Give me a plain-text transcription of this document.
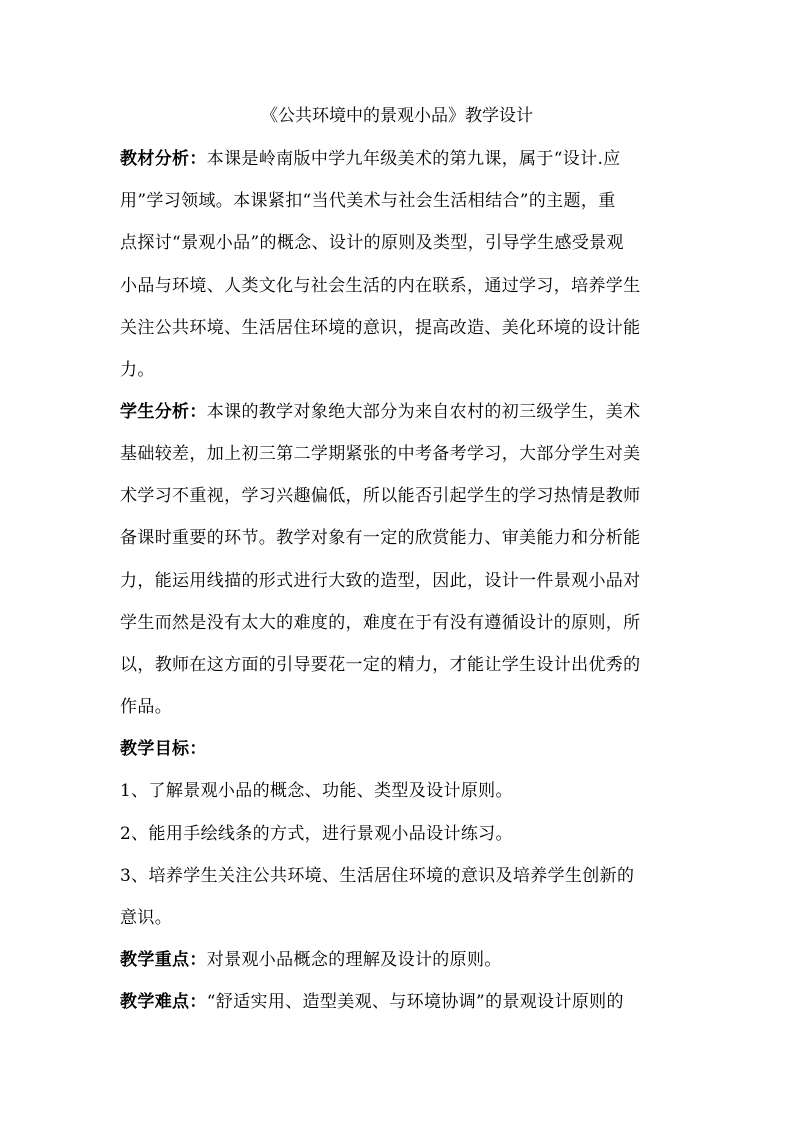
《公共环境中的景观小品》教学设计
教材分析：本课是岭南版中学九年级美术的第九课，属于“设计.应
用”学习领域。本课紧扣“当代美术与社会生活相结合”的主题，重
点探讨“景观小品”的概念、设计的原则及类型，引导学生感受景观
小品与环境、人类文化与社会生活的内在联系，通过学习，培养学生
关注公共环境、生活居住环境的意识，提高改造、美化环境的设计能
力。
学生分析：本课的教学对象绝大部分为来自农村的初三级学生，美术
基础较差，加上初三第二学期紧张的中考备考学习，大部分学生对美
术学习不重视，学习兴趣偏低，所以能否引起学生的学习热情是教师
备课时重要的环节。教学对象有一定的欣赏能力、审美能力和分析能
力，能运用线描的形式进行大致的造型，因此，设计一件景观小品对
学生而然是没有太大的难度的，难度在于有没有遵循设计的原则，所
以，教师在这方面的引导要花一定的精力，才能让学生设计出优秀的
作品。
教学目标：
1、了解景观小品的概念、功能、类型及设计原则。
2、能用手绘线条的方式，进行景观小品设计练习。
3、培养学生关注公共环境、生活居住环境的意识及培养学生创新的
意识。
教学重点：对景观小品概念的理解及设计的原则。
教学难点：“舒适实用、造型美观、与环境协调”的景观设计原则的
